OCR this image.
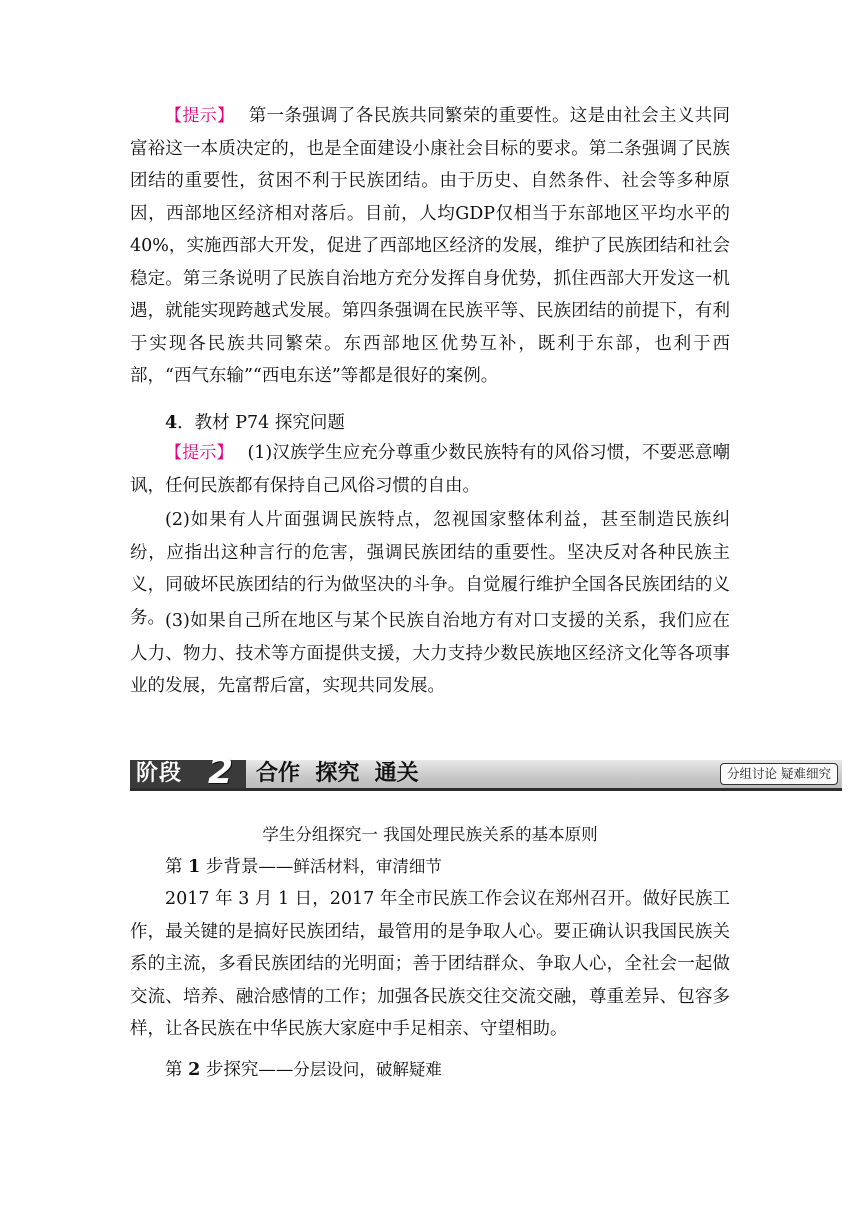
【提示】 第一条强调了各民族共同繁荣的重要性。这是由社会主义共同富裕这一本质决定的，也是全面建设小康社会目标的要求。第二条强调了民族团结的重要性，贫困不利于民族团结。由于历史、自然条件、社会等多种原因，西部地区经济相对落后。目前，人均GDP仅相当于东部地区平均水平的40%，实施西部大开发，促进了西部地区经济的发展，维护了民族团结和社会稳定。第三条说明了民族自治地方充分发挥自身优势，抓住西部大开发这一机遇，就能实现跨越式发展。第四条强调在民族平等、民族团结的前提下，有利于实现各民族共同繁荣。东西部地区优势互补，既利于东部，也利于西部，“西气东输”“西电东送”等都是很好的案例。

4．教材 P74 探究问题

【提示】 (1)汉族学生应充分尊重少数民族特有的风俗习惯，不要恶意嘲讽，任何民族都有保持自己风俗习惯的自由。

(2)如果有人片面强调民族特点，忽视国家整体利益，甚至制造民族纠纷，应指出这种言行的危害，强调民族团结的重要性。坚决反对各种民族主义，同破坏民族团结的行为做坚决的斗争。自觉履行维护全国各民族团结的义务。 (3)如果自己所在地区与某个民族自治地方有对口支援的关系，我们应在人力、物力、技术等方面提供支援，大力支持少数民族地区经济文化等各项事业的发展，先富帮后富，实现共同发展。

阶段 2 合作  探究  通关	分组讨论 疑难细究

学生分组探究一 我国处理民族关系的基本原则

第 1 步背景——鲜活材料，审清细节

2017 年 3 月 1 日，2017 年全市民族工作会议在郑州召开。做好民族工作，最关键的是搞好民族团结，最管用的是争取人心。要正确认识我国民族关系的主流，多看民族团结的光明面；善于团结群众、争取人心，全社会一起做交流、培养、融洽感情的工作；加强各民族交往交流交融，尊重差异、包容多样，让各民族在中华民族大家庭中手足相亲、守望相助。

第 2 步探究——分层设问，破解疑难
